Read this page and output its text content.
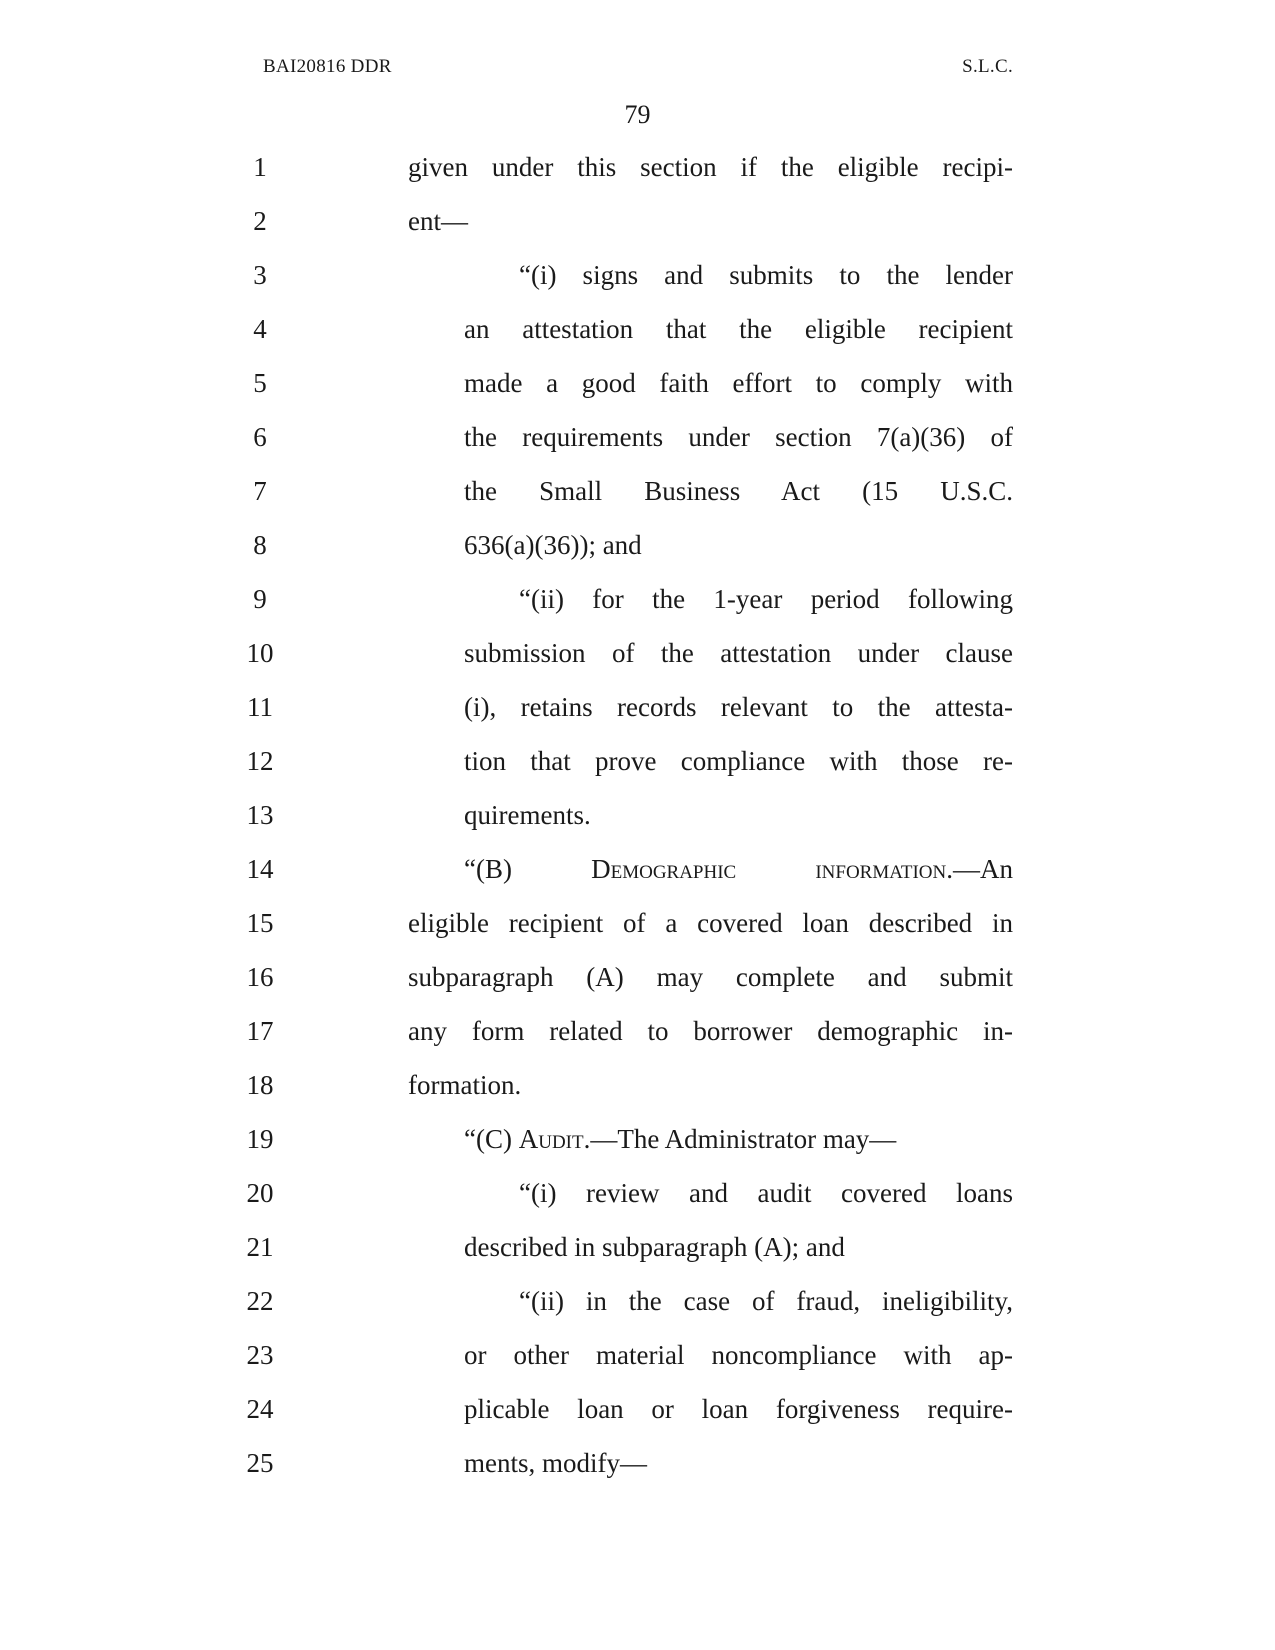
BAI20816 DDR	S.L.C.
79
1	given under this section if the eligible recipi-
2	ent—
3	“(i) signs and submits to the lender
4	an attestation that the eligible recipient
5	made a good faith effort to comply with
6	the requirements under section 7(a)(36) of
7	the Small Business Act (15 U.S.C.
8	636(a)(36)); and
9	“(ii) for the 1-year period following
10	submission of the attestation under clause
11	(i), retains records relevant to the attesta-
12	tion that prove compliance with those re-
13	quirements.
14	“(B) Demographic information.—An
15	eligible recipient of a covered loan described in
16	subparagraph (A) may complete and submit
17	any form related to borrower demographic in-
18	formation.
19	“(C) Audit.—The Administrator may—
20	“(i) review and audit covered loans
21	described in subparagraph (A); and
22	“(ii) in the case of fraud, ineligibility,
23	or other material noncompliance with ap-
24	plicable loan or loan forgiveness require-
25	ments, modify—
